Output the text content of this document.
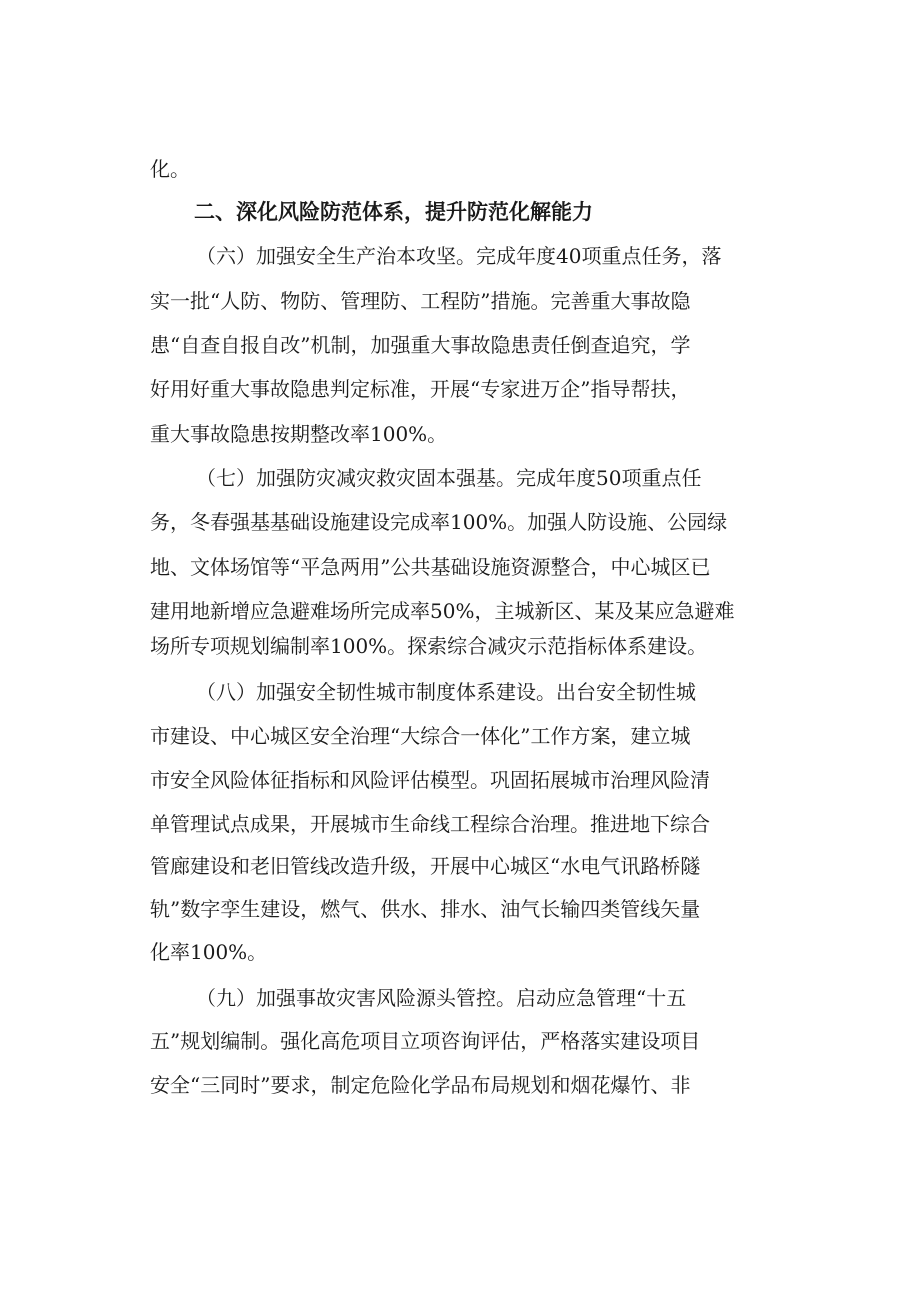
化。
二、深化风险防范体系，提升防范化解能力
（六）加强安全生产治本攻坚。完成年度40项重点任务，落
实一批“人防、物防、管理防、工程防”措施。完善重大事故隐
患“自查自报自改”机制，加强重大事故隐患责任倒查追究，学
好用好重大事故隐患判定标准，开展“专家进万企”指导帮扶，
重大事故隐患按期整改率100%。
（七）加强防灾减灾救灾固本强基。完成年度50项重点任
务，冬春强基基础设施建设完成率100%。加强人防设施、公园绿
地、文体场馆等“平急两用”公共基础设施资源整合，中心城区已
建用地新增应急避难场所完成率50%，主城新区、某及某应急避难
场所专项规划编制率100%。探索综合减灾示范指标体系建设。
（八）加强安全韧性城市制度体系建设。出台安全韧性城
市建设、中心城区安全治理“大综合一体化”工作方案，建立城
市安全风险体征指标和风险评估模型。巩固拓展城市治理风险清
单管理试点成果，开展城市生命线工程综合治理。推进地下综合
管廊建设和老旧管线改造升级，开展中心城区“水电气讯路桥隧
轨”数字孪生建设，燃气、供水、排水、油气长输四类管线矢量
化率100%。
（九）加强事故灾害风险源头管控。启动应急管理“十五
五”规划编制。强化高危项目立项咨询评估，严格落实建设项目
安全“三同时”要求，制定危险化学品布局规划和烟花爆竹、非
